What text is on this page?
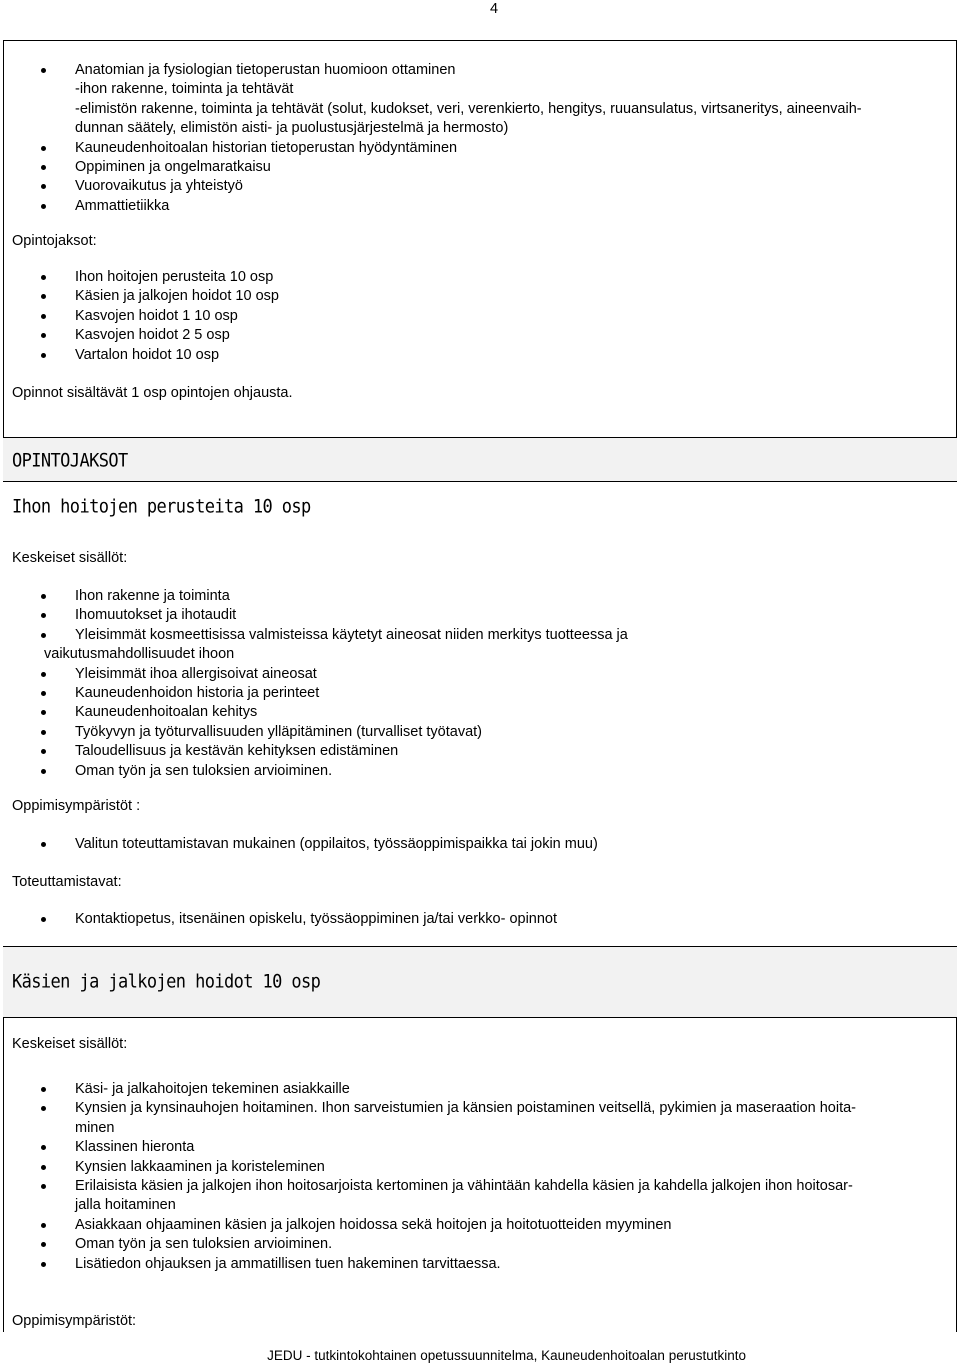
4
Anatomian ja fysiologian tietoperustan huomioon ottaminen
-ihon rakenne, toiminta ja tehtävät
-elimistön rakenne, toiminta ja tehtävät (solut, kudokset, veri, verenkierto, hengitys, ruuansulatus, virtsaneritys, aineenvaih-
dunnan säätely, elimistön aisti- ja puolustusjärjestelmä ja hermosto)
Kauneudenhoitoalan historian tietoperustan hyödyntäminen
Oppiminen ja ongelmaratkaisu
Vuorovaikutus ja yhteistyö
Ammattietiikka
Opintojaksot:
Ihon hoitojen perusteita 10 osp
Käsien ja jalkojen hoidot 10 osp
Kasvojen hoidot 1 10 osp
Kasvojen hoidot 2 5 osp
Vartalon hoidot 10 osp
Opinnot sisältävät 1 osp opintojen ohjausta.
OPINTOJAKSOT
Ihon hoitojen perusteita 10 osp
Keskeiset sisällöt:
Ihon rakenne ja toiminta
Ihomuutokset ja ihotaudit
Yleisimmät kosmeettisissa valmisteissa käytetyt aineosat niiden merkitys tuotteessa ja
vaikutusmahdollisuudet ihoon
Yleisimmät ihoa allergisoivat aineosat
Kauneudenhoidon historia ja perinteet
Kauneudenhoitoalan kehitys
Työkyvyn ja työturvallisuuden ylläpitäminen (turvalliset työtavat)
Taloudellisuus ja kestävän kehityksen edistäminen
Oman työn ja sen tuloksien arvioiminen.
Oppimisympäristöt :
Valitun toteuttamistavan mukainen (oppilaitos, työssäoppimispaikka tai jokin muu)
Toteuttamistavat:
Kontaktiopetus, itsenäinen opiskelu, työssäoppiminen ja/tai verkko- opinnot
Käsien ja jalkojen hoidot 10 osp
Keskeiset sisällöt:
Käsi- ja jalkahoitojen tekeminen asiakkaille
Kynsien ja kynsinauhojen hoitaminen. Ihon sarveistumien ja känsien poistaminen veitsellä, pykimien ja maseraation hoita-
minen
Klassinen hieronta
Kynsien lakkaaminen ja koristeleminen
Erilaisista käsien ja jalkojen ihon hoitosarjoista kertominen ja vähintään kahdella käsien ja kahdella jalkojen ihon hoitosar-
jalla hoitaminen
Asiakkaan ohjaaminen käsien ja jalkojen hoidossa sekä hoitojen ja hoitotuotteiden myyminen
Oman työn ja sen tuloksien arvioiminen.
Lisätiedon ohjauksen ja ammatillisen tuen hakeminen tarvittaessa.
Oppimisympäristöt:
JEDU - tutkintokohtainen opetussuunnitelma, Kauneudenhoitoalan perustutkinto
